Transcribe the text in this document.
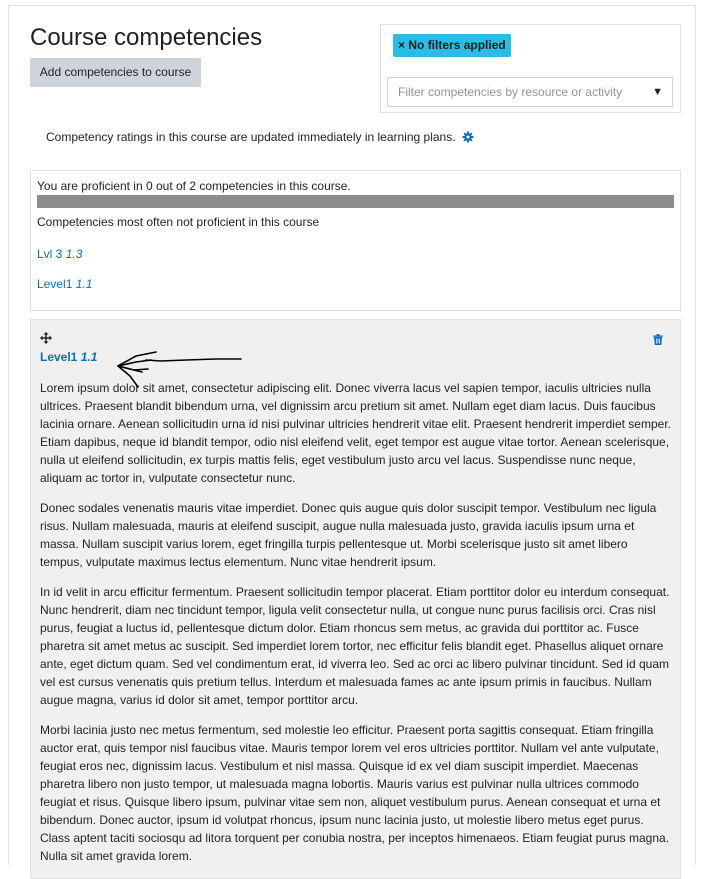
Course competencies
Add competencies to course
× No filters applied
Filter competencies by resource or activity	▼
Competency ratings in this course are updated immediately in learning plans.
You are proficient in 0 out of 2 competencies in this course.
Competencies most often not proficient in this course
Lvl 3 1.3
Level1 1.1
Level1 1.1

Lorem ipsum dolor sit amet, consectetur adipiscing elit. Donec viverra lacus vel sapien tempor, iaculis ultricies nulla ultrices. Praesent blandit bibendum urna, vel dignissim arcu pretium sit amet. Nullam eget diam lacus. Duis faucibus lacinia ornare. Aenean sollicitudin urna id nisi pulvinar ultricies hendrerit vitae elit. Praesent hendrerit imperdiet semper. Etiam dapibus, neque id blandit tempor, odio nisl eleifend velit, eget tempor est augue vitae tortor. Aenean scelerisque, nulla ut eleifend sollicitudin, ex turpis mattis felis, eget vestibulum justo arcu vel lacus. Suspendisse nunc neque, aliquam ac tortor in, vulputate consectetur nunc.

Donec sodales venenatis mauris vitae imperdiet. Donec quis augue quis dolor suscipit tempor. Vestibulum nec ligula risus. Nullam malesuada, mauris at eleifend suscipit, augue nulla malesuada justo, gravida iaculis ipsum urna et massa. Nullam suscipit varius lorem, eget fringilla turpis pellentesque ut. Morbi scelerisque justo sit amet libero tempus, vulputate maximus lectus elementum. Nunc vitae hendrerit ipsum.

In id velit in arcu efficitur fermentum. Praesent sollicitudin tempor placerat. Etiam porttitor dolor eu interdum consequat. Nunc hendrerit, diam nec tincidunt tempor, ligula velit consectetur nulla, ut congue nunc purus facilisis orci. Cras nisl purus, feugiat a luctus id, pellentesque dictum dolor. Etiam rhoncus sem metus, ac gravida dui porttitor ac. Fusce pharetra sit amet metus ac suscipit. Sed imperdiet lorem tortor, nec efficitur felis blandit eget. Phasellus aliquet ornare ante, eget dictum quam. Sed vel condimentum erat, id viverra leo. Sed ac orci ac libero pulvinar tincidunt. Sed id quam vel est cursus venenatis quis pretium tellus. Interdum et malesuada fames ac ante ipsum primis in faucibus. Nullam augue magna, varius id dolor sit amet, tempor porttitor arcu.

Morbi lacinia justo nec metus fermentum, sed molestie leo efficitur. Praesent porta sagittis consequat. Etiam fringilla auctor erat, quis tempor nisl faucibus vitae. Mauris tempor lorem vel eros ultricies porttitor. Nullam vel ante vulputate, feugiat eros nec, dignissim lacus. Vestibulum et nisl massa. Quisque id ex vel diam suscipit imperdiet. Maecenas pharetra libero non justo tempor, ut malesuada magna lobortis. Mauris varius est pulvinar nulla ultrices commodo feugiat et risus. Quisque libero ipsum, pulvinar vitae sem non, aliquet vestibulum purus. Aenean consequat et urna et bibendum. Donec auctor, ipsum id volutpat rhoncus, ipsum nunc lacinia justo, ut molestie libero metus eget purus. Class aptent taciti sociosqu ad litora torquent per conubia nostra, per inceptos himenaeos. Etiam feugiat purus magna. Nulla sit amet gravida lorem.
